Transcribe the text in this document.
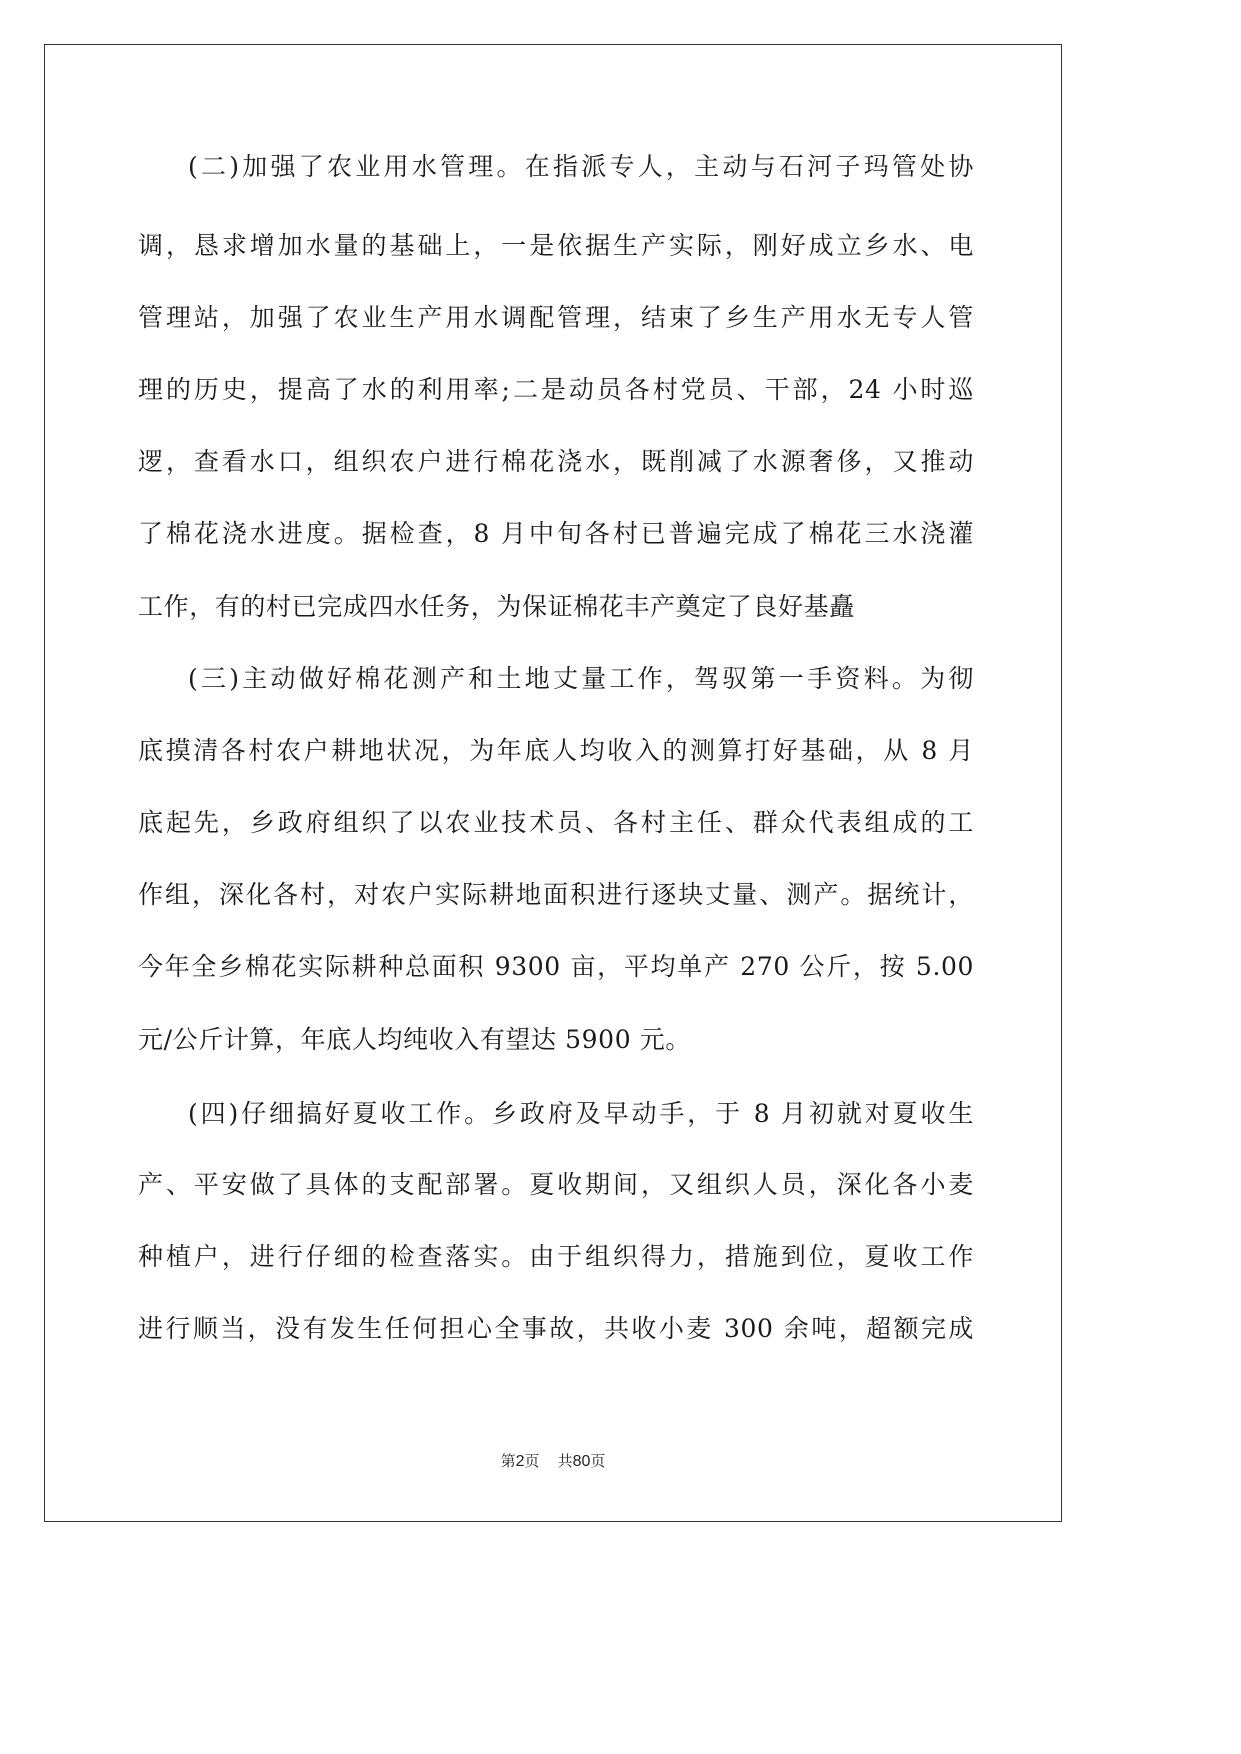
(二)加强了农业用水管理。在指派专人，主动与石河子玛管处协
调，恳求增加水量的基础上，一是依据生产实际，刚好成立乡水、电
管理站，加强了农业生产用水调配管理，结束了乡生产用水无专人管
理的历史，提高了水的利用率;二是动员各村党员、干部，24 小时巡
逻，查看水口，组织农户进行棉花浇水，既削减了水源奢侈，又推动
了棉花浇水进度。据检查，8 月中旬各村已普遍完成了棉花三水浇灌
工作，有的村已完成四水任务，为保证棉花丰产奠定了良好基矗
(三)主动做好棉花测产和土地丈量工作，驾驭第一手资料。为彻
底摸清各村农户耕地状况，为年底人均收入的测算打好基础，从 8 月
底起先，乡政府组织了以农业技术员、各村主任、群众代表组成的工
作组，深化各村，对农户实际耕地面积进行逐块丈量、测产。据统计，
今年全乡棉花实际耕种总面积 9300 亩，平均单产 270 公斤，按 5.00
元/公斤计算，年底人均纯收入有望达 5900 元。
(四)仔细搞好夏收工作。乡政府及早动手，于 8 月初就对夏收生
产、平安做了具体的支配部署。夏收期间，又组织人员，深化各小麦
种植户，进行仔细的检查落实。由于组织得力，措施到位，夏收工作
进行顺当，没有发生任何担心全事故，共收小麦 300 余吨，超额完成
第2页 共80页
